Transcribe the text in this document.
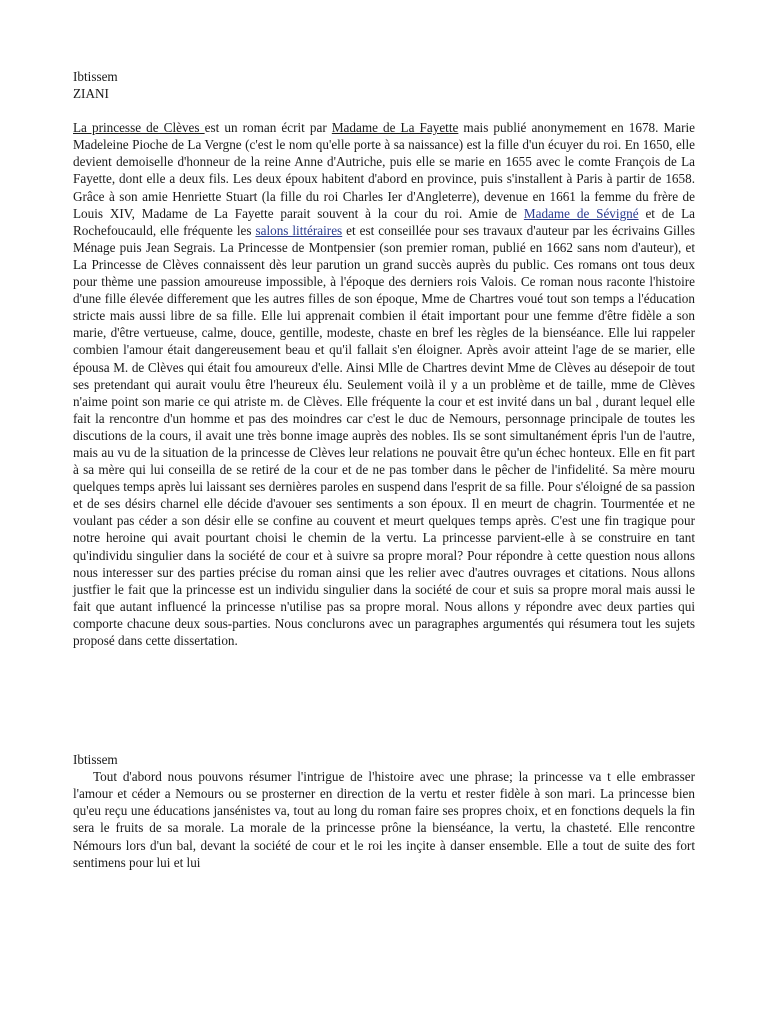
Ibtissem
ZIANI

La princesse de Clèves est un roman écrit par Madame de La Fayette mais publié anonymement en 1678. Marie Madeleine Pioche de La Vergne (c'est le nom qu'elle porte à sa naissance) est la fille d'un écuyer du roi. En 1650, elle devient demoiselle d'honneur de la reine Anne d'Autriche, puis elle se marie en 1655 avec le comte François de La Fayette, dont elle a deux fils. Les deux époux habitent d'abord en province, puis s'installent à Paris à partir de 1658. Grâce à son amie Henriette Stuart (la fille du roi Charles Ier d'Angleterre), devenue en 1661 la femme du frère de Louis XIV, Madame de La Fayette parait souvent à la cour du roi. Amie de Madame de Sévigné et de La Rochefoucauld, elle fréquente les salons littéraires et est conseillée pour ses travaux d'auteur par les écrivains Gilles Ménage puis Jean Segrais. La Princesse de Montpensier (son premier roman, publié en 1662 sans nom d'auteur), et La Princesse de Clèves connaissent dès leur parution un grand succès auprès du public. Ces romans ont tous deux pour thème une passion amoureuse impossible, à l'époque des derniers rois Valois. Ce roman nous raconte l'histoire d'une fille élevée differement que les autres filles de son époque, Mme de Chartres voué tout son temps a l'éducation stricte mais aussi libre de sa fille. Elle lui apprenait combien il était important pour une femme d'être fidèle a son marie, d'être vertueuse, calme, douce, gentille, modeste, chaste en bref les règles de la bienséance. Elle lui rappeler combien l'amour était dangereusement beau et qu'il fallait s'en éloigner. Après avoir atteint l'age de se marier, elle épousa M. de Clèves qui était fou amoureux d'elle. Ainsi Mlle de Chartres devint Mme de Clèves au désepoir de tout ses pretendant qui aurait voulu être l'heureux élu. Seulement voilà il y a un problème et de taille, mme de Clèves n'aime point son marie ce qui atriste m. de Clèves. Elle fréquente la cour et est invité dans un bal , durant lequel elle fait la rencontre d'un homme et pas des moindres car c'est le duc de Nemours, personnage principale de toutes les discutions de la cours, il avait une très bonne image auprès des nobles. Ils se sont simultanément épris l'un de l'autre, mais au vu de la situation de la princesse de Clèves leur relations ne pouvait être qu'un échec honteux. Elle en fit part à sa mère qui lui conseilla de se retiré de la cour et de ne pas tomber dans le pêcher de l'infidelité. Sa mère mouru quelques temps après lui laissant ses dernières paroles en suspend dans l'esprit de sa fille. Pour s'éloigné de sa passion et de ses désirs charnel elle décide d'avouer ses sentiments a son époux. Il en meurt de chagrin. Tourmentée et ne voulant pas céder a son désir elle se confine au couvent et meurt quelques temps après. C'est une fin tragique pour notre heroine qui avait pourtant choisi le chemin de la vertu. La princesse parvient-elle à se construire en tant qu'individu singulier dans la société de cour et à suivre sa propre moral? Pour répondre à cette question nous allons nous interesser sur des parties précise du roman ainsi que les relier avec d'autres ouvrages et citations. Nous allons justfier le fait que la princesse est un individu singulier dans la société de cour et suis sa propre moral mais aussi le fait que autant influencé la princesse n'utilise pas sa propre moral. Nous allons y répondre avec deux parties qui comporte chacune deux sous-parties. Nous conclurons avec un paragraphes argumentés qui résumera tout les sujets proposé dans cette dissertation.

Ibtissem

Tout d'abord nous pouvons résumer l'intrigue de l'histoire avec une phrase; la princesse va t elle embrasser l'amour et céder a Nemours ou se prosterner en direction de la vertu et rester fidèle à son mari. La princesse bien qu'eu reçu une éducations jansénistes va, tout au long du roman faire ses propres choix, et en fonctions dequels la fin sera le fruits de sa morale. La morale de la princesse prône la bienséance, la vertu, la chasteté. Elle rencontre Némours lors d'un bal, devant la société de cour et le roi les inçite à danser ensemble. Elle a tout de suite des fort sentimens pour lui et lui
